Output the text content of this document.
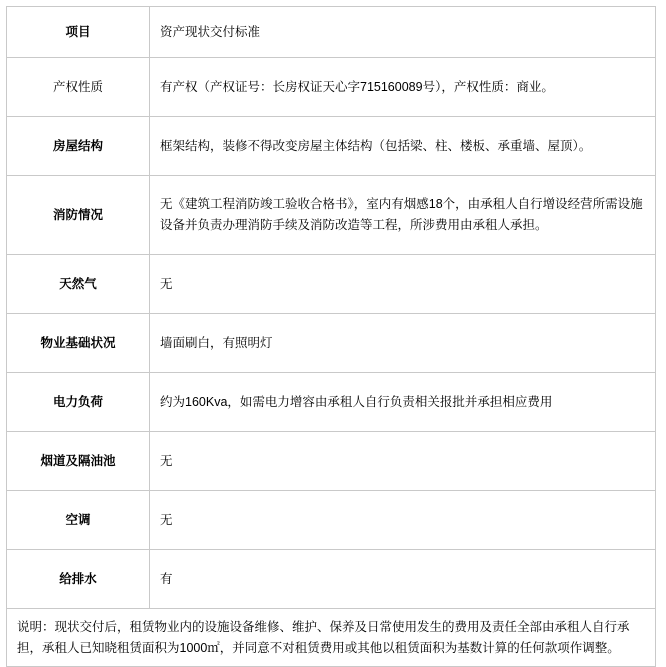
项目	资产现状交付标准
产权性质	有产权（产权证号：长房权证天心字715160089号），产权性质：商业。
房屋结构	框架结构，装修不得改变房屋主体结构（包括梁、柱、楼板、承重墙、屋顶）。
消防情况	无《建筑工程消防竣工验收合格书》，室内有烟感18个，由承租人自行增设经营所需设施设备并负责办理消防手续及消防改造等工程，所涉费用由承租人承担。
天然气	无
物业基础状况	墙面刷白，有照明灯
电力负荷	约为160Kva，如需电力增容由承租人自行负责相关报批并承担相应费用
烟道及隔油池	无
空调	无
给排水	有
说明：现状交付后，租赁物业内的设施设备维修、维护、保养及日常使用发生的费用及责任全部由承租人自行承担，承租人已知晓租赁面积为1000㎡，并同意不对租赁费用或其他以租赁面积为基数计算的任何款项作调整。	
